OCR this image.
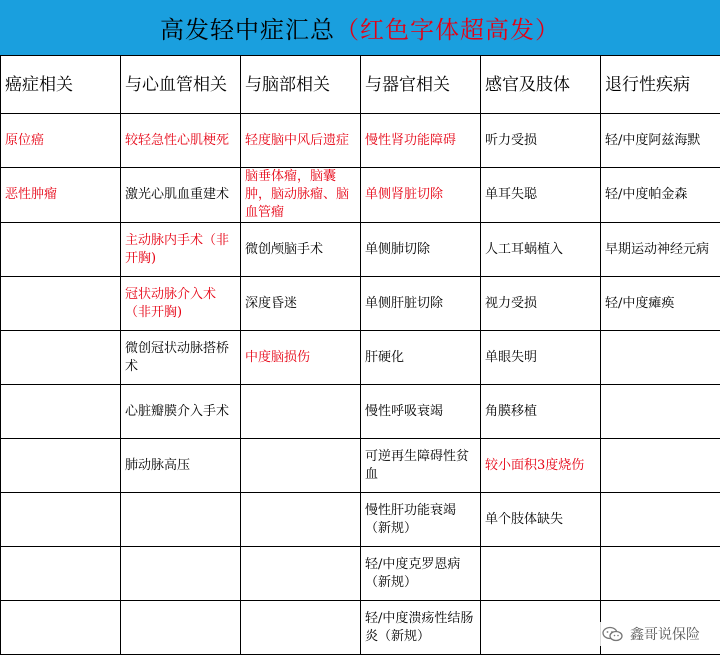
高发轻中症汇总 （红色字体超高发）
癌症相关	与心血管相关	与脑部相关	与器官相关	感官及肢体	退行性疾病
原位癌	较轻急性心肌梗死	轻度脑中风后遗症	慢性肾功能障碍	听力受损	轻/中度阿兹海默
恶性肿瘤	激光心肌血重建术	脑垂体瘤，脑囊肿，脑动脉瘤、脑血管瘤	单侧肾脏切除	单耳失聪	轻/中度帕金森
	主动脉内手术（非开胸)	微创颅脑手术	单侧肺切除	人工耳蜗植入	早期运动神经元病
	冠状动脉介入术（非开胸)	深度昏迷	单侧肝脏切除	视力受损	轻/中度瘫痪
	微创冠状动脉搭桥术	中度脑损伤	肝硬化	单眼失明	
	心脏瓣膜介入手术		慢性呼吸衰竭	角膜移植	
	肺动脉高压		可逆再生障碍性贫血	较小面积3度烧伤	
			慢性肝功能衰竭（新规）	单个肢体缺失	
			轻/中度克罗恩病（新规）		
			轻/中度溃疡性结肠炎（新规）			鑫哥说保险
